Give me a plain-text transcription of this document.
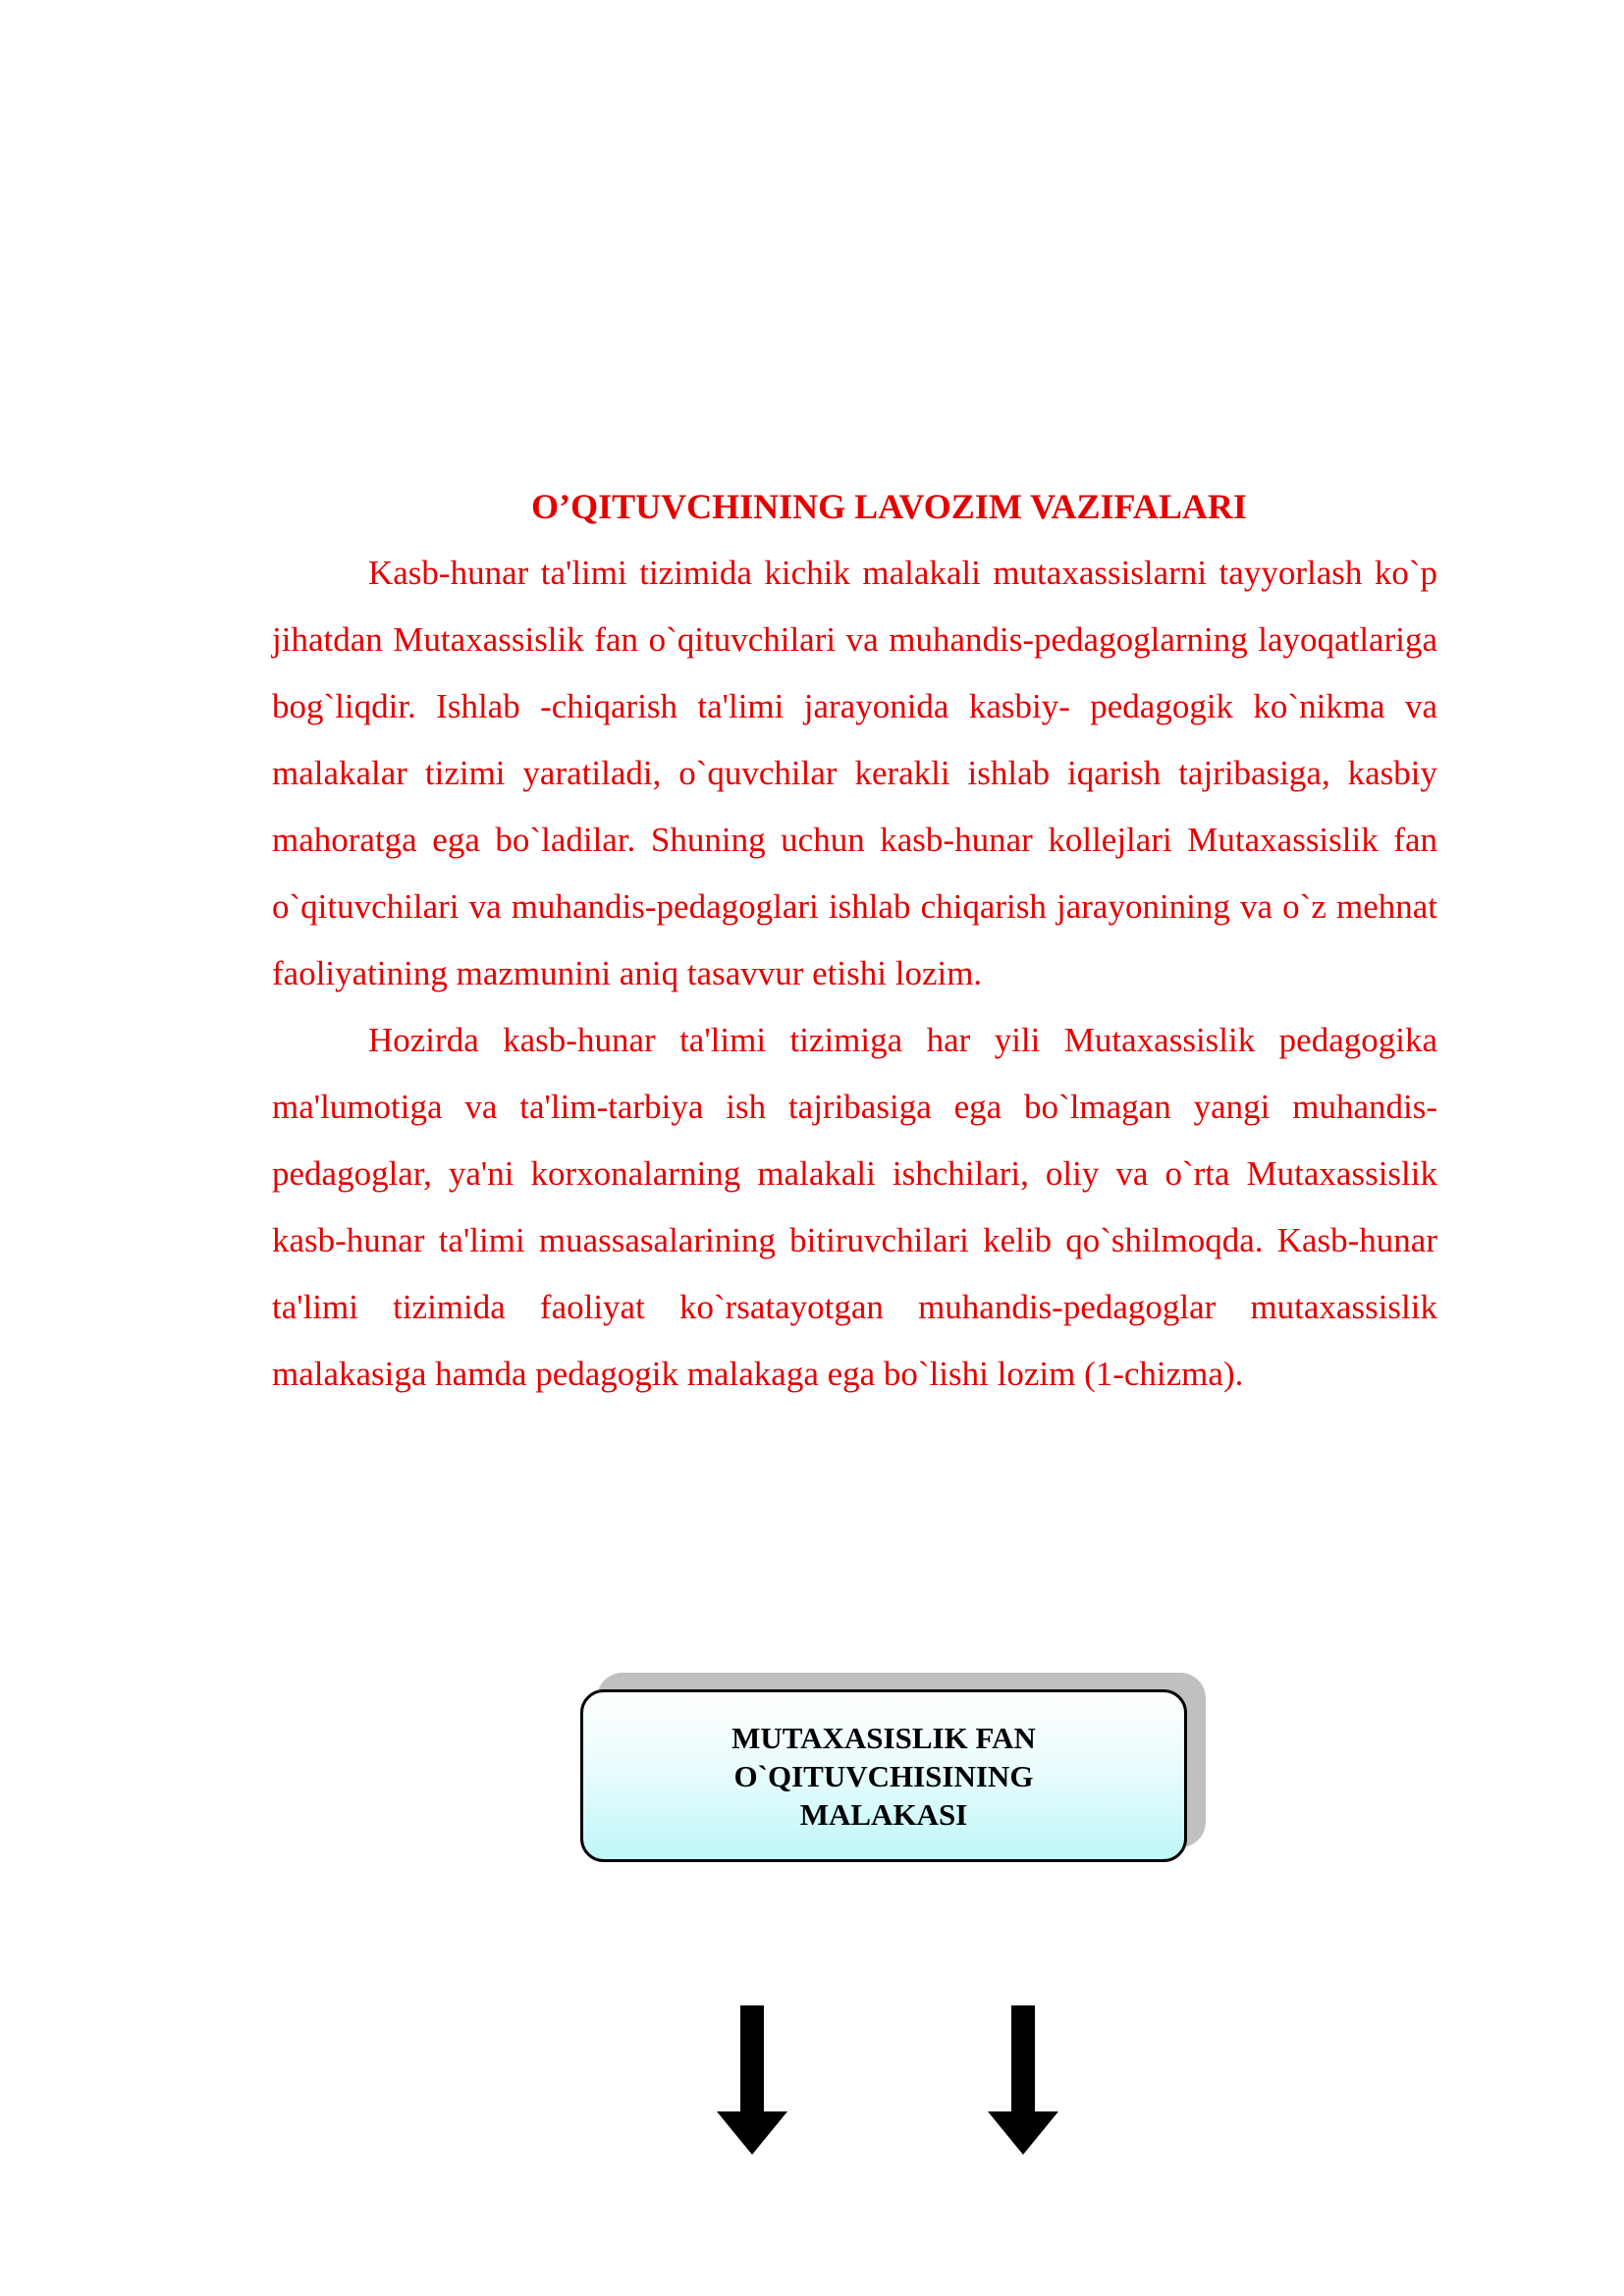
O’QITUVCHINING LAVOZIM VAZIFALARI

Kasb-hunar ta'limi tizimida kichik malakali mutaxassislarni tayyorlash ko`p jihatdan Mutaxassislik fan o`qituvchilari va muhandis-pedagoglarning layoqatlariga bog`liqdir. Ishlab -chiqarish ta'limi jarayonida kasbiy- pedagogik ko`nikma va malakalar tizimi yaratiladi, o`quvchilar kerakli ishlab iqarish tajribasiga, kasbiy mahoratga ega bo`ladilar. Shuning uchun kasb-hunar kollejlari Mutaxassislik fan o`qituvchilari va muhandis-pedagoglari ishlab chiqarish jarayonining va o`z mehnat faoliyatining mazmunini aniq tasavvur etishi lozim.

Hozirda kasb-hunar ta'limi tizimiga har yili Mutaxassislik pedagogika ma'lumotiga va ta'lim-tarbiya ish tajribasiga ega bo`lmagan yangi muhandis-pedagoglar, ya'ni korxonalarning malakali ishchilari, oliy va o`rta Mutaxassislik kasb-hunar ta'limi muassasalarining bitiruvchilari kelib qo`shilmoqda. Kasb-hunar ta'limi tizimida faoliyat ko`rsatayotgan muhandis-pedagoglar mutaxassislik malakasiga hamda pedagogik malakaga ega bo`lishi lozim (1-chizma).

MUTAXASISLIK FAN O`QITUVCHISINING MALAKASI
